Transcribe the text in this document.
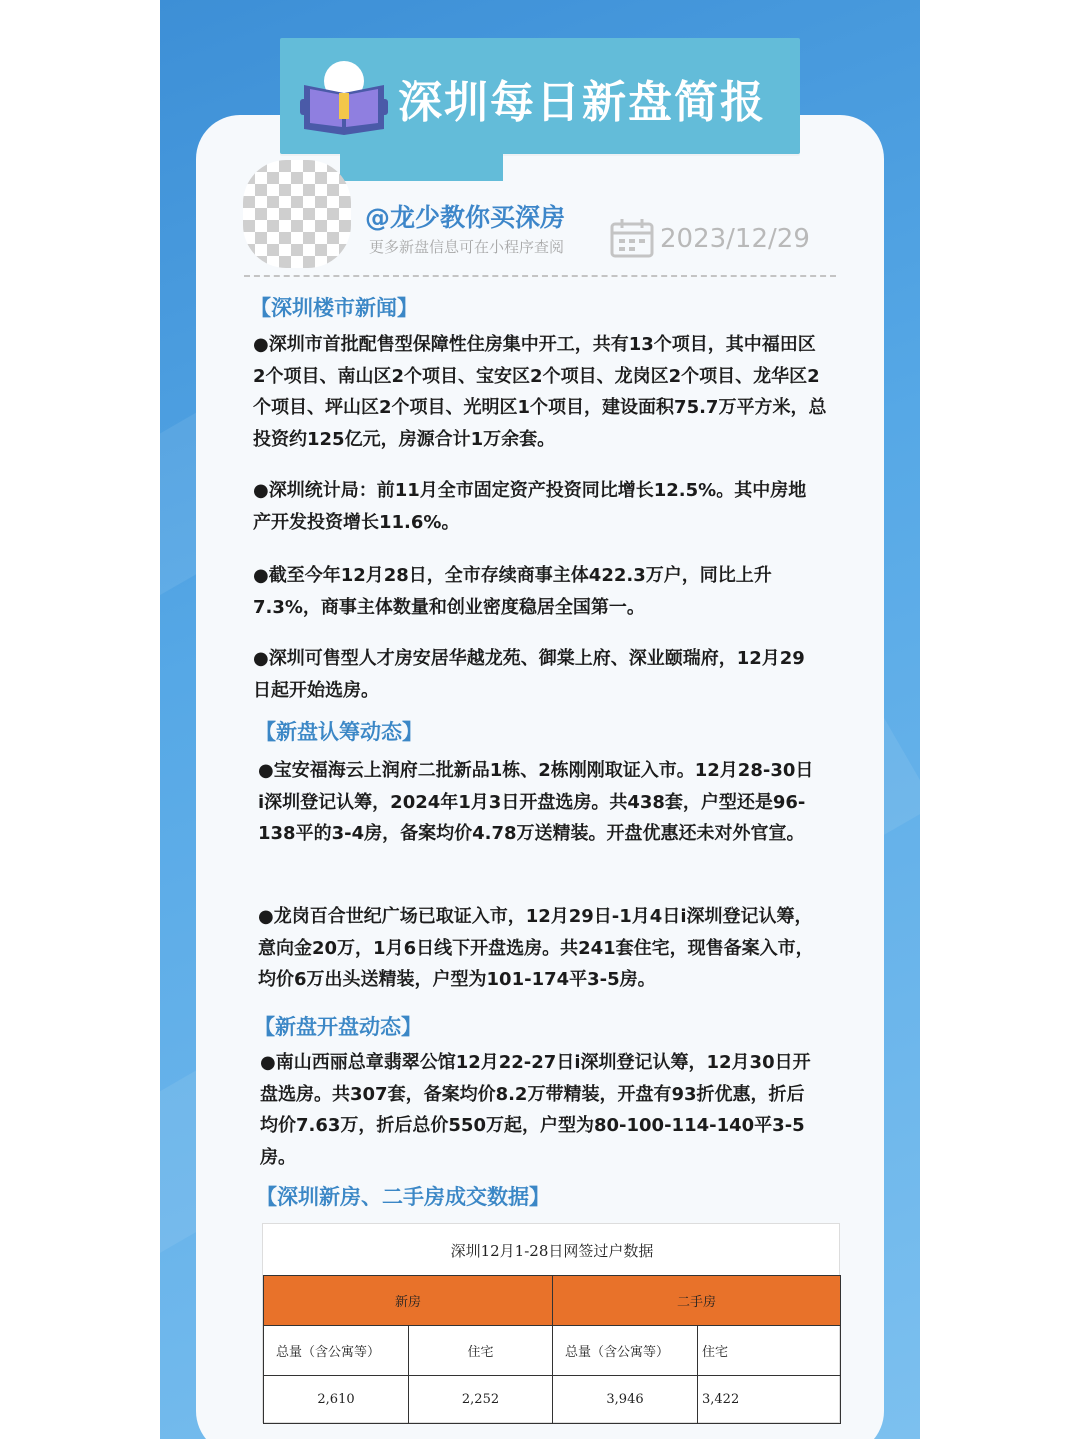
深圳每日新盘简报
@龙少教你买深房
更多新盘信息可在小程序查阅	2023/12/29
【深圳楼市新闻】
●深圳市首批配售型保障性住房集中开工，共有13个项目，其中福田区2个项目、南山区2个项目、宝安区2个项目、龙岗区2个项目、龙华区2个项目、坪山区2个项目、光明区1个项目，建设面积75.7万平方米，总投资约125亿元，房源合计1万余套。
●深圳统计局：前11月全市固定资产投资同比增长12.5%。其中房地产开发投资增长11.6%。
●截至今年12月28日，全市存续商事主体422.3万户，同比上升7.3%，商事主体数量和创业密度稳居全国第一。
●深圳可售型人才房安居华越龙苑、御棠上府、深业颐瑞府，12月29日起开始选房。
【新盘认筹动态】
●宝安福海云上润府二批新品1栋、2栋刚刚取证入市。12月28-30日i深圳登记认筹，2024年1月3日开盘选房。共438套，户型还是96-138平的3-4房，备案均价4.78万送精装。开盘优惠还未对外官宣。
●龙岗百合世纪广场已取证入市，12月29日-1月4日i深圳登记认筹，意向金20万，1月6日线下开盘选房。共241套住宅，现售备案入市，均价6万出头送精装，户型为101-174平3-5房。
【新盘开盘动态】
●南山西丽总章翡翠公馆12月22-27日i深圳登记认筹，12月30日开盘选房。共307套，备案均价8.2万带精装，开盘有93折优惠，折后均价7.63万，折后总价550万起，户型为80-100-114-140平3-5房。
【深圳新房、二手房成交数据】
深圳12月1-28日网签过户数据
新房		二手房	
总量（含公寓等）	住宅	总量（含公寓等）	住宅
2,610	2,252	3,946	3,422
